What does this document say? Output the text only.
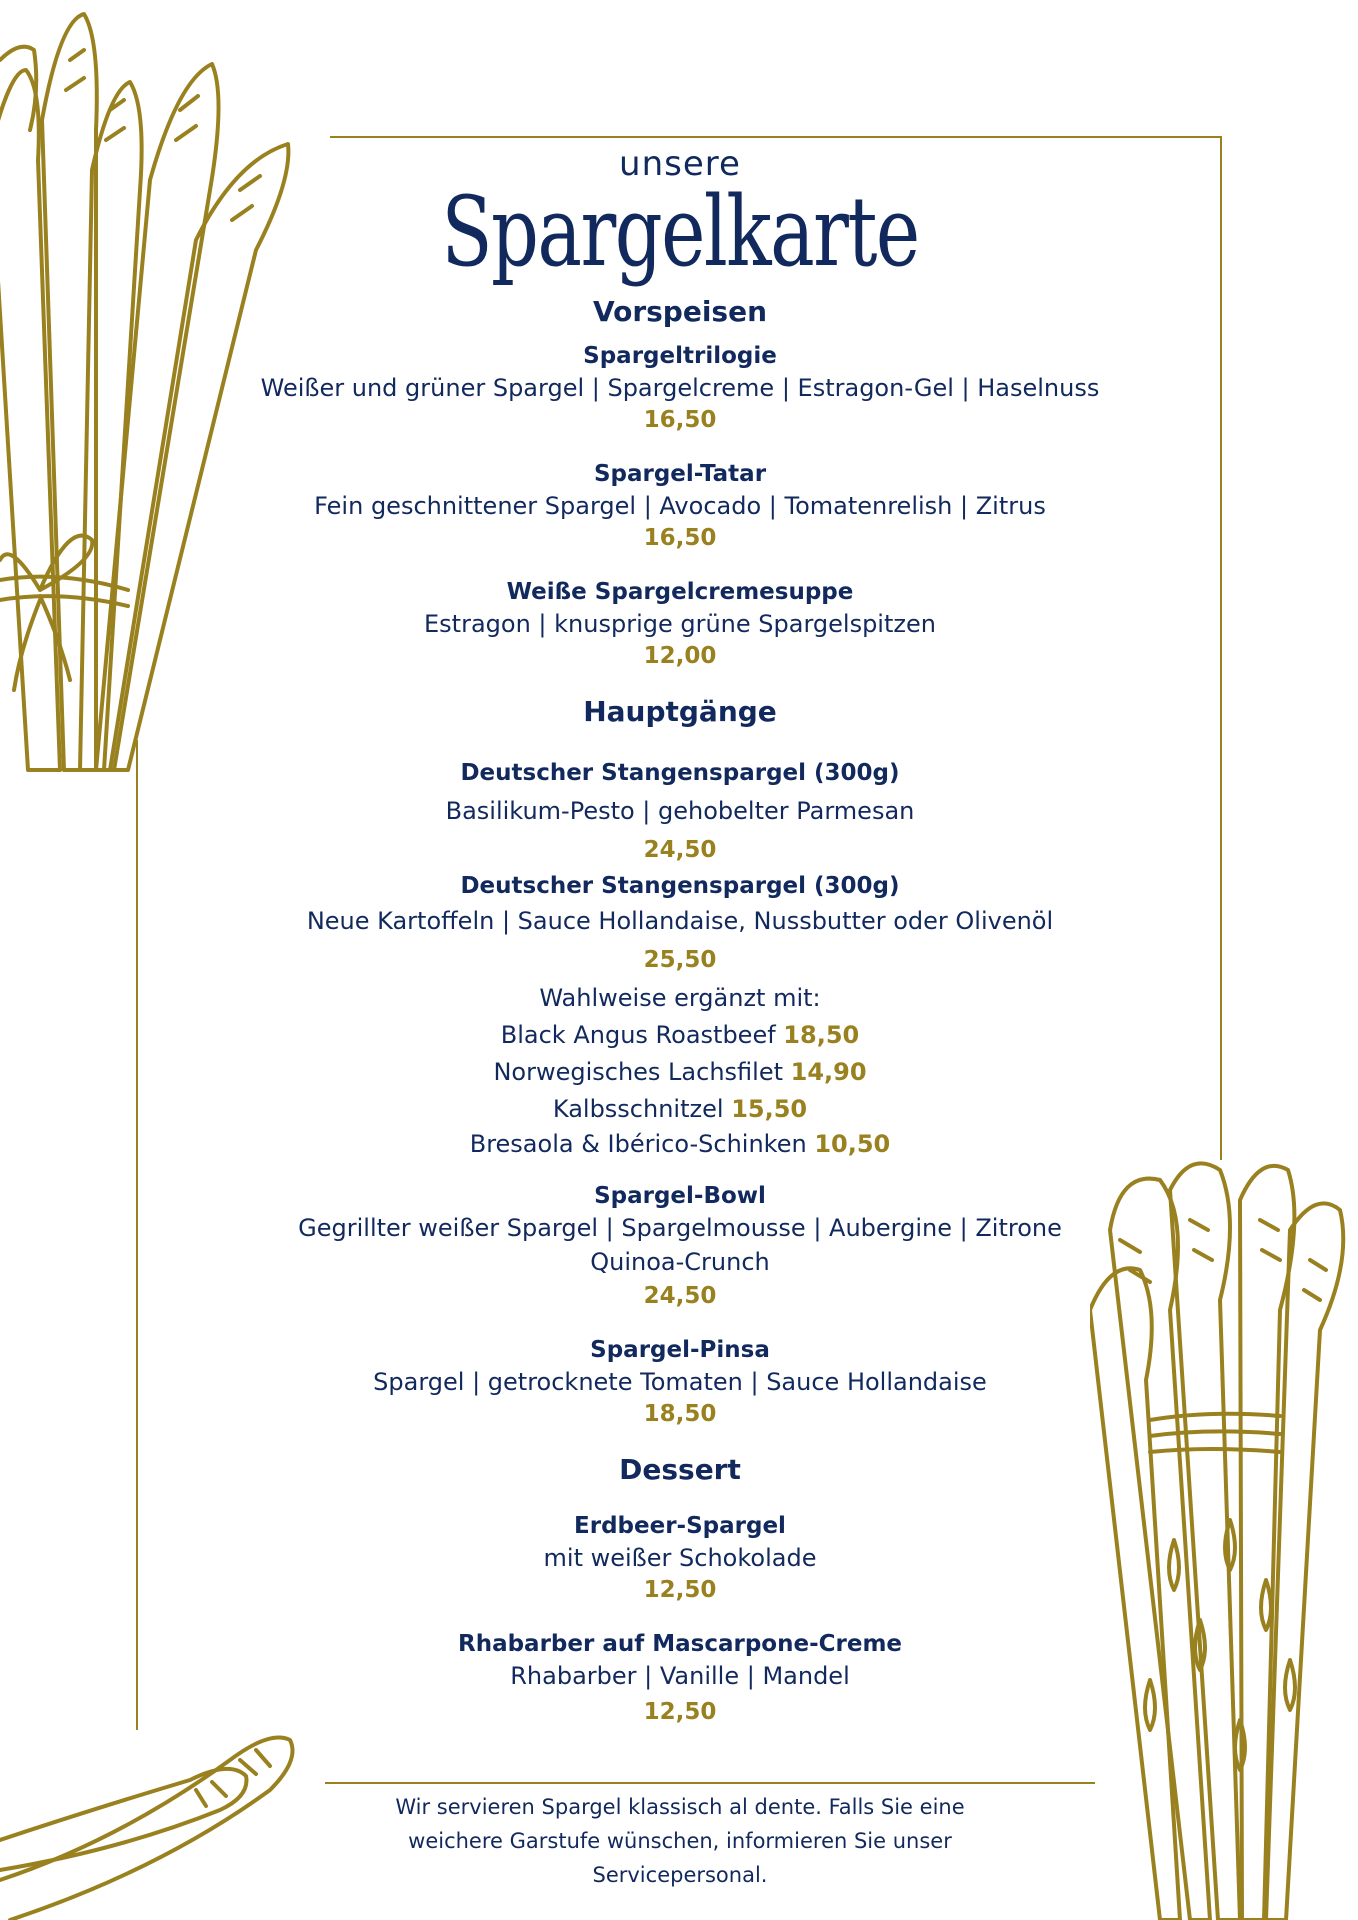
unsere
Spargelkarte
Vorspeisen
Spargeltrilogie
Weißer und grüner Spargel | Spargelcreme | Estragon-Gel | Haselnuss
16,50
Spargel-Tatar
Fein geschnittener Spargel | Avocado | Tomatenrelish | Zitrus
16,50
Weiße Spargelcremesuppe
Estragon | knusprige grüne Spargelspitzen
12,00
Hauptgänge
Deutscher Stangenspargel (300g)
Basilikum-Pesto | gehobelter Parmesan
24,50
Deutscher Stangenspargel (300g)
Neue Kartoffeln | Sauce Hollandaise, Nussbutter oder Olivenöl
25,50
Wahlweise ergänzt mit:
Black Angus Roastbeef 18,50
Norwegisches Lachsfilet 14,90
Kalbsschnitzel 15,50
Bresaola & Ibérico-Schinken 10,50
Spargel-Bowl
Gegrillter weißer Spargel | Spargelmousse | Aubergine | Zitrone
Quinoa-Crunch
24,50
Spargel-Pinsa
Spargel | getrocknete Tomaten | Sauce Hollandaise
18,50
Dessert
Erdbeer-Spargel
mit weißer Schokolade
12,50
Rhabarber auf Mascarpone-Creme
Rhabarber | Vanille | Mandel
12,50
Wir servieren Spargel klassisch al dente. Falls Sie eine
weichere Garstufe wünschen, informieren Sie unser
Servicepersonal.
